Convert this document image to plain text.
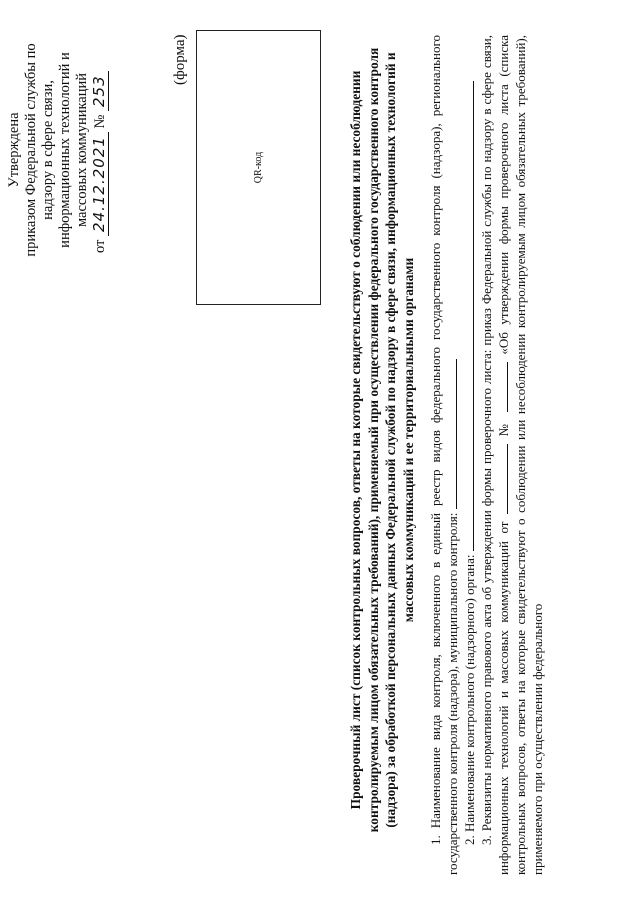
Утверждена приказом Федеральной службы по надзору в сфере связи, информационных технологий и массовых коммуникаций
от 24.12.2021 № 253
(форма)
QR-код	Проверочный лист (список контрольных вопросов, ответы на которые свидетельствуют о соблюдении или несоблюдении контролируемым лицом обязательных требований), применяемый при осуществлении федерального государственного контроля (надзора) за обработкой персональных данных Федеральной службой по надзору в сфере связи, информационных технологий и массовых коммуникаций и ее территориальными органами 1. Наименование вида контроля, включенного в единый реестр видов федерального государственного контроля (надзора), регионального государственного контроля (надзора), муниципального контроля: 2. Наименование контрольного (надзорного) органа: 3. Реквизиты нормативного правового акта об утверждении формы проверочного листа: приказ Федеральной службы по надзору в сфере связи, информационных технологий и массовых коммуникаций от  №  «Об утверждении формы проверочного листа (списка контрольных вопросов, ответы на которые свидетельствуют о соблюдении или несоблюдении контролируемым лицом обязательных требований), применяемого при осуществлении федерального
